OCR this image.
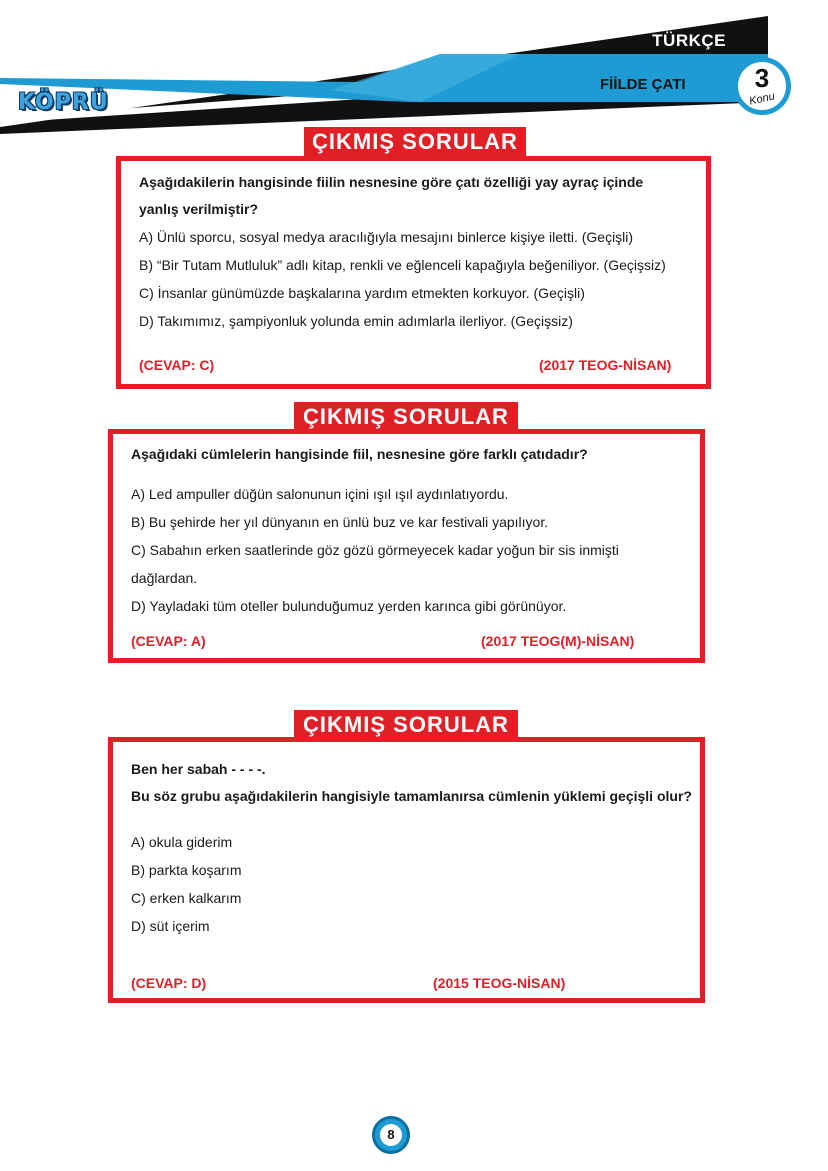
KÖPRÜ
TÜRKÇE
FİİLDE ÇATI	3
Konu
ÇIKMIŞ SORULAR

Aşağıdakilerin hangisinde fiilin nesnesine göre çatı özelliği yay ayraç içinde

yanlış verilmiştir?

A) Ünlü sporcu, sosyal medya aracılığıyla mesajını binlerce kişiye iletti. (Geçişli)

B) “Bir Tutam Mutluluk” adlı kitap, renkli ve eğlenceli kapağıyla beğeniliyor. (Geçişsiz)

C) İnsanlar günümüzde başkalarına yardım etmekten korkuyor. (Geçişli)

D) Takımımız, şampiyonluk yolunda emin adımlarla ilerliyor. (Geçişsiz)

(CEVAP: C)	(2017 TEOG-NİSAN)
ÇIKMIŞ SORULAR

Aşağıdaki cümlelerin hangisinde fiil, nesnesine göre farklı çatıdadır?

A) Led ampuller düğün salonunun içini ışıl ışıl aydınlatıyordu.

B) Bu şehirde her yıl dünyanın en ünlü buz ve kar festivali yapılıyor.

C) Sabahın erken saatlerinde göz gözü görmeyecek kadar yoğun bir sis inmişti

dağlardan.

D) Yayladaki tüm oteller bulunduğumuz yerden karınca gibi görünüyor.

(CEVAP: A)	(2017 TEOG(M)-NİSAN)
ÇIKMIŞ SORULAR

Ben her sabah - - - -.

Bu söz grubu aşağıdakilerin hangisiyle tamamlanırsa cümlenin yüklemi geçişli olur?

A) okula giderim

B) parkta koşarım

C) erken kalkarım

D) süt içerim

(CEVAP: D)	(2015 TEOG-NİSAN)
8
